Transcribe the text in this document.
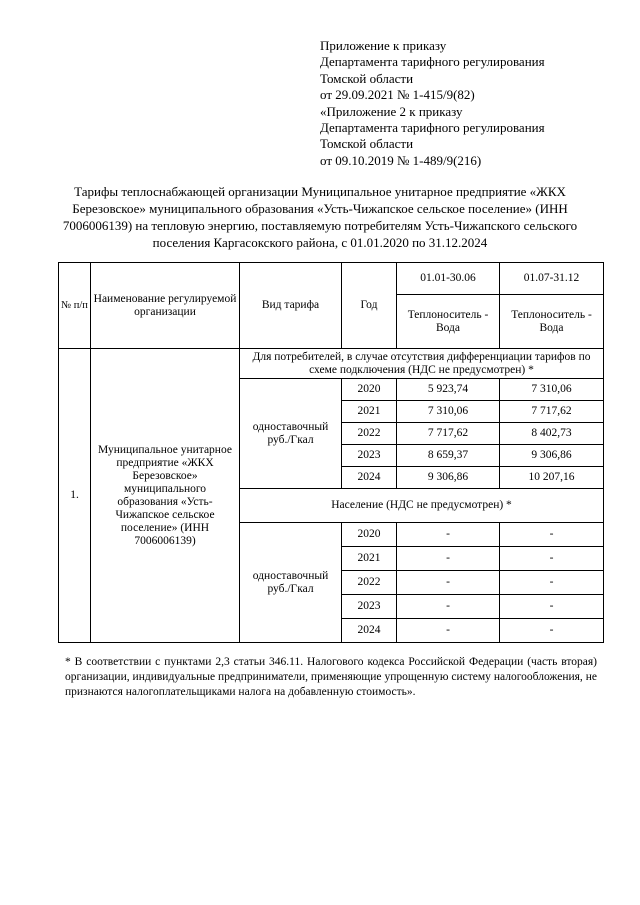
Приложение к приказу
Департамента тарифного регулирования
Томской области
от 29.09.2021 № 1-415/9(82)
«Приложение 2 к приказу
Департамента тарифного регулирования
Томской области
от 09.10.2019 № 1-489/9(216)
Тарифы теплоснабжающей организации Муниципальное унитарное предприятие «ЖКХ Березовское» муниципального образования «Усть-Чижапское сельское поселение» (ИНН 7006006139) на тепловую энергию, поставляемую потребителям Усть-Чижапского сельского поселения Каргасокского района, с 01.01.2020 по 31.12.2024
№ п/п	Наименование регулируемой организации	Вид тарифа	Год	01.01-30.06	01.07-31.12
				Теплоноситель - Вода	Теплоноситель - Вода
1.	Муниципальное унитарное предприятие «ЖКХ Березовское» муниципального образования «Усть-Чижапское сельское поселение» (ИНН 7006006139)	Для потребителей, в случае отсутствия дифференциации тарифов по схеме подключения (НДС не предусмотрен) *			
		одноставочный руб./Гкал	2020	5 923,74	7 310,06
			2021	7 310,06	7 717,62
			2022	7 717,62	8 402,73
			2023	8 659,37	9 306,86
			2024	9 306,86	10 207,16
		Население (НДС не предусмотрен) *			
		одноставочный руб./Гкал	2020	-	-
			2021	-	-
			2022	-	-
			2023	-	-
			2024	-	-
* В соответствии с пунктами 2,3 статьи 346.11. Налогового кодекса Российской Федерации (часть вторая) организации, индивидуальные предприниматели, применяющие упрощенную систему налогообложения, не признаются налогоплательщиками налога на добавленную стоимость».
